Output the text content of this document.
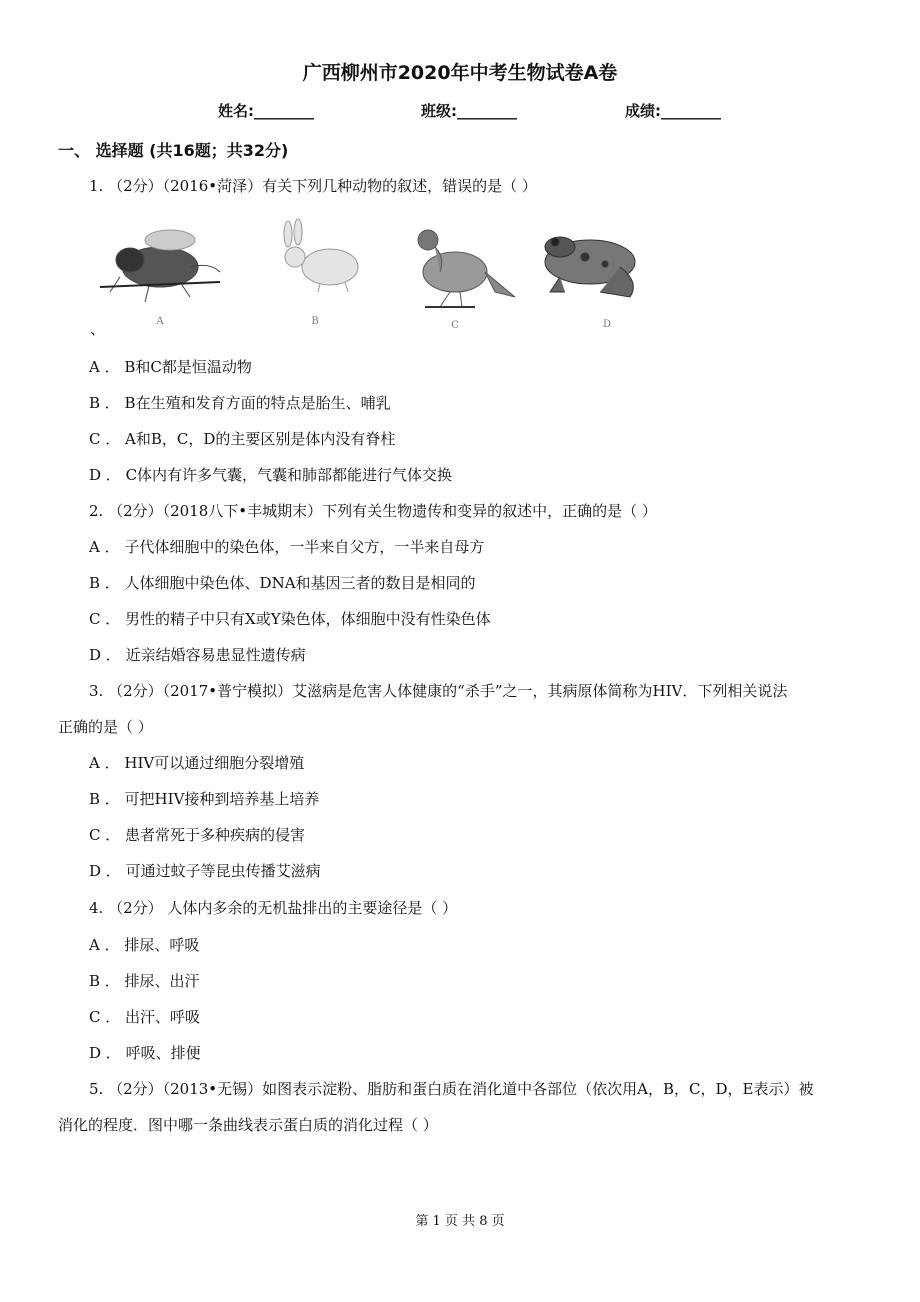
广西柳州市2020年中考生物试卷A卷
姓名:________	班级:________	成绩:________
一、 选择题 (共16题；共32分)
1. （2分）（2016•菏泽）有关下列几种动物的叙述，错误的是（ ）
A	B	C	D
、
A ． B和C都是恒温动物
B ． B在生殖和发育方面的特点是胎生、哺乳
C ． A和B，C，D的主要区别是体内没有脊柱
D ． C体内有许多气囊，气囊和肺部都能进行气体交换
2. （2分）（2018八下•丰城期末）下列有关生物遗传和变异的叙述中，正确的是（ ）
A ． 子代体细胞中的染色体，一半来自父方，一半来自母方
B ． 人体细胞中染色体、DNA和基因三者的数目是相同的
C ． 男性的精子中只有X或Y染色体，体细胞中没有性染色体
D ． 近亲结婚容易患显性遗传病
3. （2分）（2017•普宁模拟）艾滋病是危害人体健康的“杀手”之一，其病原体简称为HIV．下列相关说法
正确的是（ ）
A ． HIV可以通过细胞分裂增殖
B ． 可把HIV接种到培养基上培养
C ． 患者常死于多种疾病的侵害
D ． 可通过蚊子等昆虫传播艾滋病
4. （2分） 人体内多余的无机盐排出的主要途径是（ ）
A ． 排尿、呼吸
B ． 排尿、出汗
C ． 出汗、呼吸
D ． 呼吸、排便
5. （2分）（2013•无锡）如图表示淀粉、脂肪和蛋白质在消化道中各部位（依次用A，B，C，D，E表示）被
消化的程度．图中哪一条曲线表示蛋白质的消化过程（ ）
第 1 页 共 8 页
